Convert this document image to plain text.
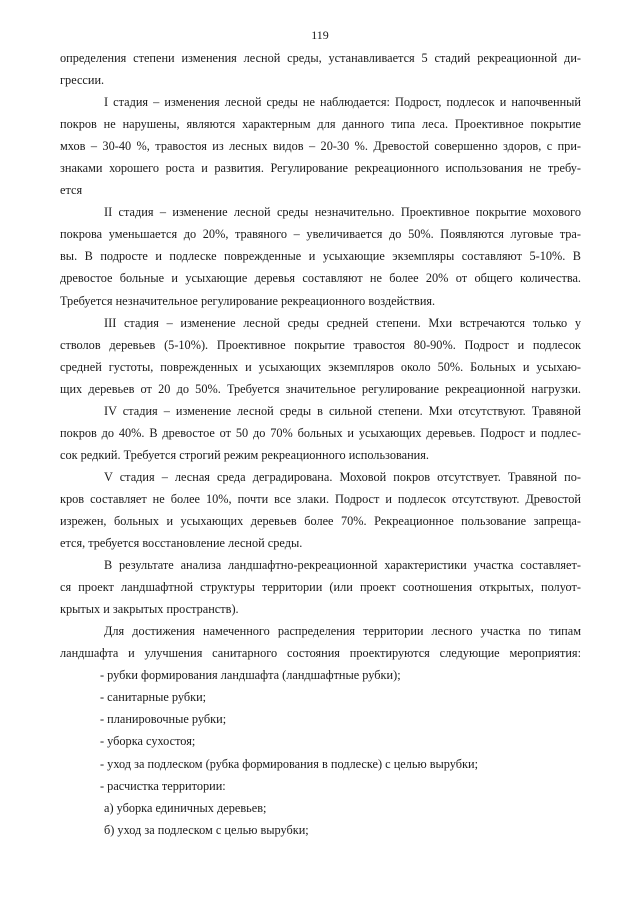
119
определения степени изменения лесной среды, устанавливается 5 стадий рекреационной ди-
грессии.
I стадия – изменения лесной среды не наблюдается: Подрост, подлесок и напочвенный
покров не нарушены, являются характерным для данного типа леса. Проективное покрытие
мхов – 30-40 %, травостоя из лесных видов – 20-30 %. Древостой совершенно здоров, с при-
знаками хорошего роста и развития. Регулирование рекреационного использования не требу-
ется
II стадия – изменение лесной среды незначительно. Проективное покрытие мохового
покрова уменьшается до 20%, травяного – увеличивается до 50%. Появляются луговые тра-
вы. В подросте и подлеске поврежденные и усыхающие экземпляры составляют 5-10%. В
древостое больные и усыхающие деревья составляют не более 20% от общего количества.
Требуется незначительное регулирование рекреационного воздействия.
III стадия – изменение лесной среды средней степени. Мхи встречаются только у
стволов деревьев (5-10%). Проективное покрытие травостоя 80-90%. Подрост и подлесок
средней густоты, поврежденных и усыхающих экземпляров около 50%. Больных и усыхаю-
щих деревьев от 20 до 50%. Требуется значительное регулирование рекреационной нагрузки.
IV стадия – изменение лесной среды в сильной степени. Мхи отсутствуют. Травяной
покров до 40%. В древостое от 50 до 70% больных и усыхающих деревьев. Подрост и подлес-
сок редкий. Требуется строгий режим рекреационного использования.
V стадия – лесная среда деградирована. Моховой покров отсутствует. Травяной по-
кров составляет не более 10%, почти все злаки. Подрост и подлесок отсутствуют. Древостой
изрежен, больных и усыхающих деревьев более 70%. Рекреационное пользование запреща-
ется, требуется восстановление лесной среды.
В результате анализа ландшафтно-рекреационной характеристики участка составляет-
ся проект ландшафтной структуры территории (или проект соотношения открытых, полуот-
крытых и закрытых пространств).
Для достижения намеченного распределения территории лесного участка по типам
ландшафта и улучшения санитарного состояния проектируются следующие мероприятия:
- рубки формирования ландшафта (ландшафтные рубки);
- санитарные рубки;
- планировочные рубки;
- уборка сухостоя;
- уход за подлеском (рубка формирования в подлеске) с целью вырубки;
- расчистка территории:
а) уборка единичных деревьев;
б) уход за подлеском с целью вырубки;
